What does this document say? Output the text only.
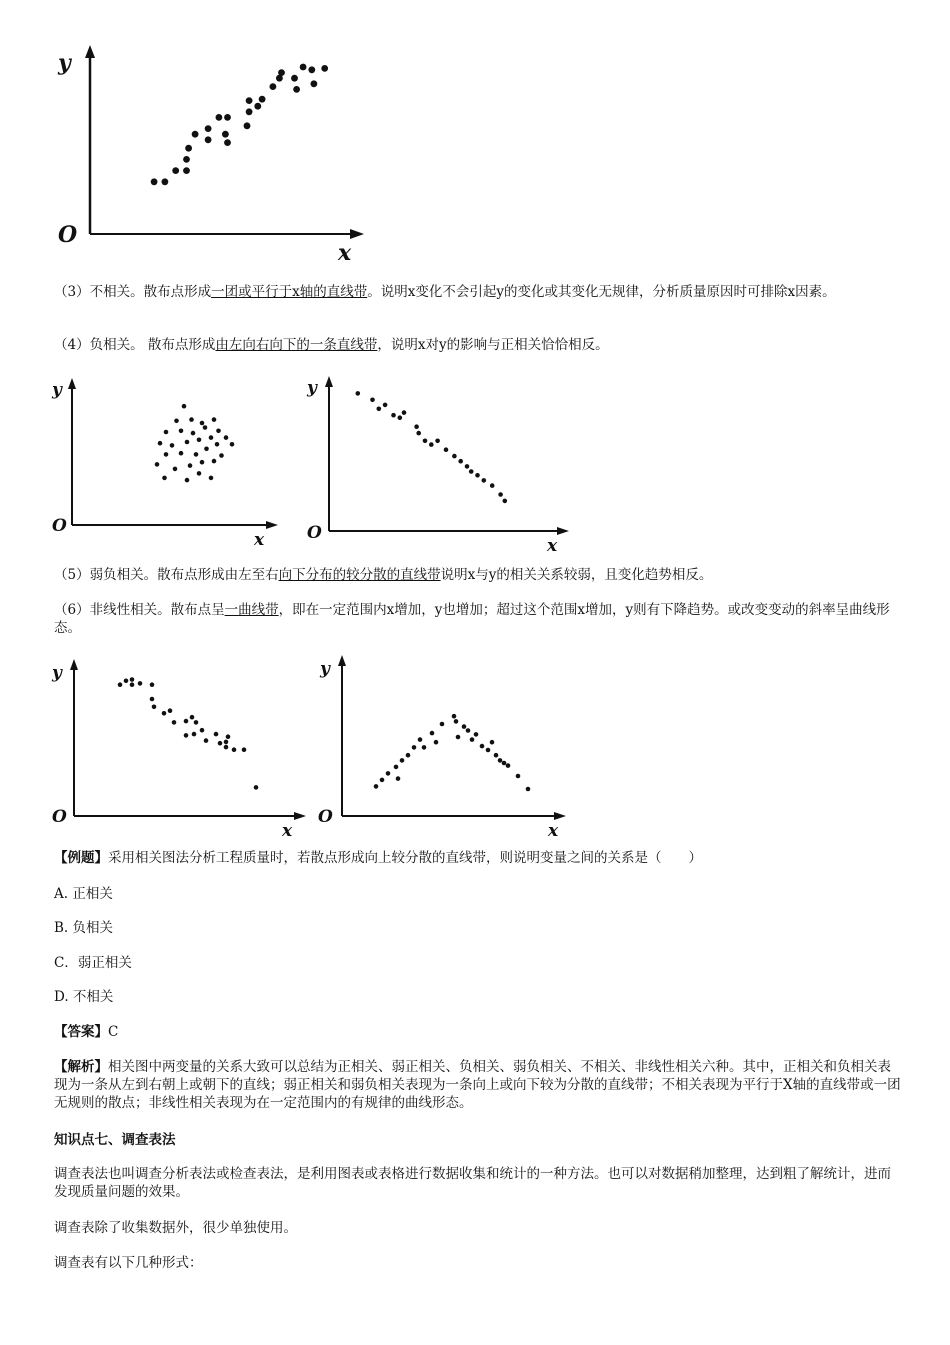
y
O
x

（3）不相关。散布点形成一团或平行于x轴的直线带。说明x变化不会引起y的变化或其变化无规律，分析质量原因时可排除x因素。

（4）负相关。 散布点形成由左向右向下的一条直线带，说明x对y的影响与正相关恰恰相反。

y
O
x
y
O
x

（5）弱负相关。散布点形成由左至右向下分布的较分散的直线带说明x与y的相关关系较弱，且变化趋势相反。

（6）非线性相关。散布点呈一曲线带，即在一定范围内x增加，y也增加；超过这个范围x增加，y则有下降趋势。或改变变动的斜率呈曲线形态。

y
O
x
y
O
x

【例题】采用相关图法分析工程质量时，若散点形成向上较分散的直线带，则说明变量之间的关系是（　　）

A. 正相关

B. 负相关

C．弱正相关

D. 不相关

【答案】C

【解析】相关图中两变量的关系大致可以总结为正相关、弱正相关、负相关、弱负相关、不相关、非线性相关六种。其中，正相关和负相关表现为一条从左到右朝上或朝下的直线；弱正相关和弱负相关表现为一条向上或向下较为分散的直线带；不相关表现为平行于X轴的直线带或一团无规则的散点；非线性相关表现为在一定范围内的有规律的曲线形态。

知识点七、调查表法

调查表法也叫调查分析表法或检查表法，是利用图表或表格进行数据收集和统计的一种方法。也可以对数据稍加整理，达到粗了解统计，进而发现质量问题的效果。

调查表除了收集数据外，很少单独使用。

调查表有以下几种形式：
